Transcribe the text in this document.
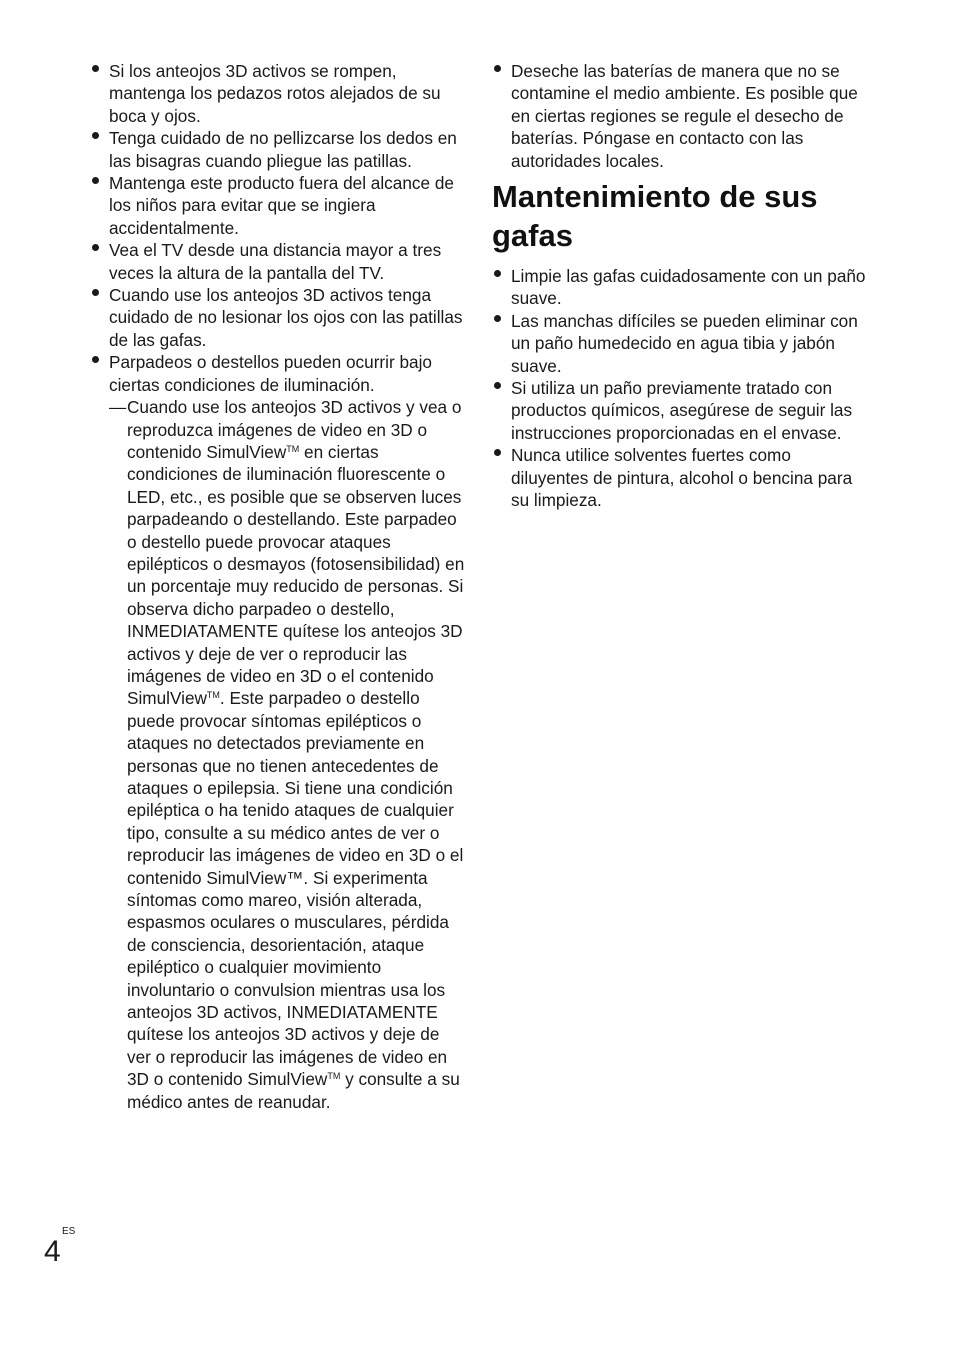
Si los anteojos 3D activos se rompen, mantenga los pedazos rotos alejados de su boca y ojos.
Tenga cuidado de no pellizcarse los dedos en las bisagras cuando pliegue las patillas.
Mantenga este producto fuera del alcance de los niños para evitar que se ingiera accidentalmente.
Vea el TV desde una distancia mayor a tres veces la altura de la pantalla del TV.
Cuando use los anteojos 3D activos tenga cuidado de no lesionar los ojos con las patillas de las gafas.
Parpadeos o destellos pueden ocurrir bajo ciertas condiciones de iluminación.
— Cuando use los anteojos 3D activos y vea o reproduzca imágenes de video en 3D o contenido SimulView™ en ciertas condiciones de iluminación fluorescente o LED, etc., es posible que se observen luces parpadeando o destellando. Este parpadeo o destello puede provocar ataques epilépticos o desmayos (fotosensibilidad) en un porcentaje muy reducido de personas. Si observa dicho parpadeo o destello, INMEDIATAMENTE quítese los anteojos 3D activos y deje de ver o reproducir las imágenes de video en 3D o el contenido SimulView™. Este parpadeo o destello puede provocar síntomas epilépticos o ataques no detectados previamente en personas que no tienen antecedentes de ataques o epilepsia. Si tiene una condición epiléptica o ha tenido ataques de cualquier tipo, consulte a su médico antes de ver o reproducir las imágenes de video en 3D o el contenido SimulView™. Si experimenta síntomas como mareo, visión alterada, espasmos oculares o musculares, pérdida de consciencia, desorientación, ataque epiléptico o cualquier movimiento involuntario o convulsion mientras usa los anteojos 3D activos, INMEDIATAMENTE quítese los anteojos 3D activos y deje de ver o reproducir las imágenes de video en 3D o contenido SimulView™ y consulte a su médico antes de reanudar.
Deseche las baterías de manera que no se contamine el medio ambiente. Es posible que en ciertas regiones se regule el desecho de baterías. Póngase en contacto con las autoridades locales.
Mantenimiento de sus gafas
Limpie las gafas cuidadosamente con un paño suave.
Las manchas difíciles se pueden eliminar con un paño humedecido en agua tibia y jabón suave.
Si utiliza un paño previamente tratado con productos químicos, asegúrese de seguir las instrucciones proporcionadas en el envase.
Nunca utilice solventes fuertes como diluyentes de pintura, alcohol o bencina para su limpieza.
ES
4
